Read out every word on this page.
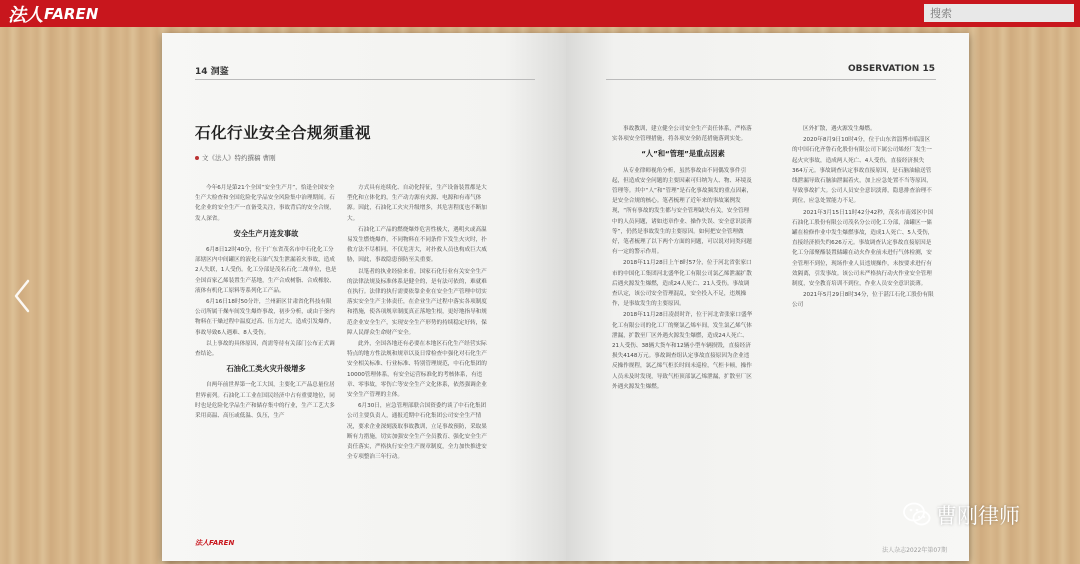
法人 FAREN
搜索
14 洞鉴
石化行业安全合规须重视
文《法人》特约撰稿 曹刚

今年6月是第21个全国“安全生产月”，恰逢全国安全生产大检查和全国危险化学品安全风险集中治理期间。石化企业的安全生产一直备受关注，事故背后的安全合规，发人深省。

安全生产月连发事故

6月8日12时40分，位于广东省茂名市中石化化工分部辖区内中间罐区的液化石油气发生泄漏着火事故，造成2人失联，1人受伤。化工分部是茂名石化二战单位，也是全国首家乙烯装置生产基地，生产合成树脂、合成橡胶、液体有机化工原料等系列化工产品。

6月16日18时50分许，兰州新区甘肃省化科技有限公司所属干燥车间发生爆炸事故，初步分析，或由于釜内物料在干燥过程中温度过高、压力过大，造成引发爆炸，事故导致6人遇难、8人受伤。

以上事故的具体原因，尚需等待有关部门公布正式调查结论。

石油化工类火灾升级增多

自两年前世界第一化工大国，主要化工产品总量位居世界前列。石油化工工业在国民经济中占有重要地位，同时也是危险化学品生产和储存集中的行业，生产工艺大多采用高温、高压或低温、负压，生产

方式具有连续化、自动化特征，生产设备装置都是大型化和立体化的，生产动力源有火源、电源和有毒气体源。因此，石油化工火灾升级增多，其危害程度也不断加大。

石油化工产品的燃烧爆炸危害性极大，遇明火或高温易发生燃烧爆炸，不同物料在不同条件下发生火灾时，扑救方法不尽相同，不仅危害大，对扑救人员也构成巨大威胁，因此，事故隐患预防至关重要。

以笔者的执业经验来看，国家石化行业有关安全生产的法律法规及标准体系是健全的，是有法可依的，难就难在执行。法律的执行需要依靠企业在安全生产管理中切实落实安全生产主体责任，在企业生产过程中落实各项制度和措施，使各项规章制度真正落地生根，更好地指导和规范企业安全生产，实现安全生产形势的持续稳定好转，保障人民群众生命财产安全。

此外，全国各地还有必要在本地区石化生产经营实际特点的地方性法规和规章以及日常检查中强化对石化生产安全相关标准、行业标准、特别管理规范，中石化集团的10000管理体系，有安全运营标准化的考核体系，有违章、零事故，零伤亡等安全生产文化体系，依然强调企业安全生产管理的主体。

6月30日，应急管理部联合国资委约谈了中石化集团公司主要负责人，通报近期中石化集团公司安全生产情况，要求企业深刻汲取事故教训，立足事故预防，采取果断有力措施，切实加强安全生产全员教育、强化安全生产责任落实，严格执行安全生产规章制度，全力加快推进安全专项整治三年行动。

法人FAREN
OBSERVATION 15

事故教训，建立健全公司安全生产责任体系，严格落实各项安全管理措施，将各项安全防范措施落到实处。

“人”和“管理”是重点因素

从专业律师视角分析，虽然事故由不同偶发事件引起，但造成安全问题的主要因素可归纳为人、物、环境及管理等。其中“人”和“管理”是石化事故频发的重点因素，是安全合规的核心。笔者梳理了近年来的事故案例发现，“所有事故的发生都与安全管理缺失有关，安全管理中的人员问题，诸如违章作业、操作失误、安全意识淡薄等”，仍然是事故发生的主要原因。如何把安全管理做好，笔者梳理了以下两个方面的问题，可以说对同类问题有一定的警示作用。

2018年11月28日上午8时57分，位于河北省张家口市的中国化工集团河北盛华化工有限公司氯乙烯泄漏扩散后遇火源发生爆燃，造成24人死亡、21人受伤。事故调查认定，该公司安全管理混乱，安全投入不足，违规操作，是事故发生的主要原因。

2018年11月28日凌晨时许，位于河北省张家口盛华化工有限公司的化工厂的聚氯乙烯车间，发生氯乙烯气体泄漏，扩散至厂区外遇火源发生爆燃，造成24人死亡、21人受伤、38辆大货车和12辆小型车辆损毁，直接经济损失4148万元。事故调查组认定事故直接原因为企业违反操作规程，氯乙烯气柜长时间未巡检，气柜卡顿，操作人员未及时发现，导致气柜顶部氯乙烯泄漏，扩散至厂区外遇火源发生爆燃。

区外扩散，遇火源发生爆燃。

2020年8月9日10时4分，位于山东省淄博市临淄区的中国石化齐鲁石化股份有限公司下属公司烯烃厂发生一起火灾事故，造成两人死亡、4人受伤，直接经济损失364万元。事故调查认定事故直接原因，是石脑油输送管线泄漏导致石脑油泄漏着火，加上应急处置不当等原因，导致事故扩大。公司人员安全意识淡薄，隐患排查治理不到位，应急处置能力不足。

2021年3月15日11时42分42秒，茂名市南郊区中国石油化工股份有限公司茂名分公司化工分部，油罐区一储罐在检修作业中发生爆燃事故，造成1人死亡、5人受伤，直接经济损失约626万元。事故调查认定事故直接原因是化工分部聚酯装置储罐在动火作业前未进行气体检测，安全管理不到位，现场作业人员违规操作，未按要求进行有效隔离，引发事故。该公司未严格执行动火作业安全管理制度，安全教育培训不到位，作业人员安全意识淡薄。

2021年5月29日8时34分，位于湛江石化工股份有限公司

法人杂志2022年第07期
曹刚律师
